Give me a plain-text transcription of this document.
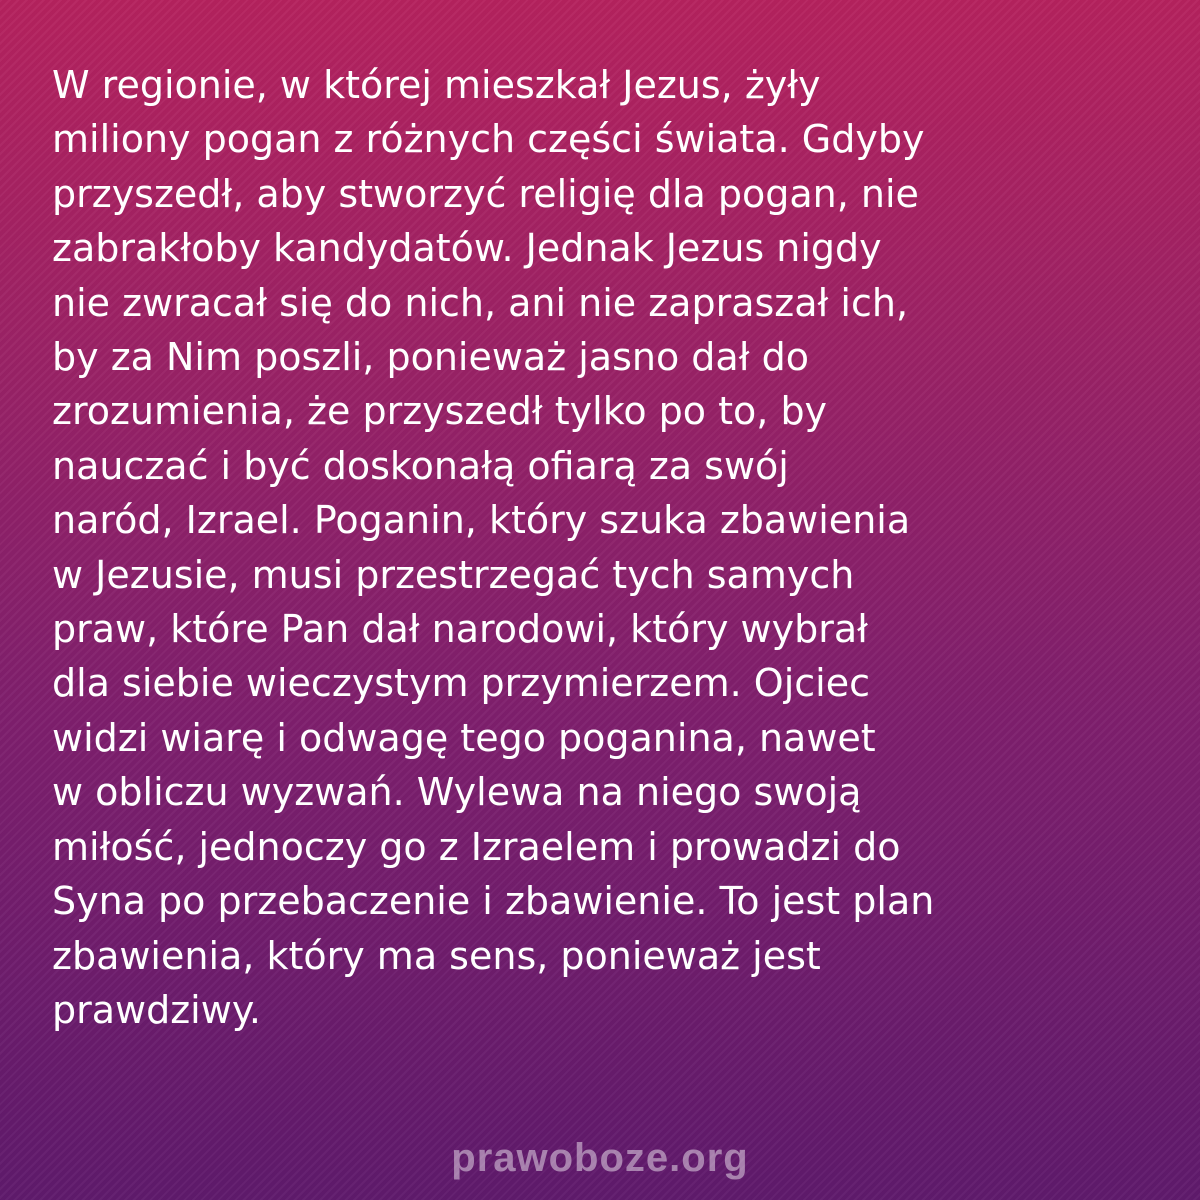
W regionie, w której mieszkał Jezus, żyły
miliony pogan z różnych części świata. Gdyby
przyszedł, aby stworzyć religię dla pogan, nie
zabrakłoby kandydatów. Jednak Jezus nigdy
nie zwracał się do nich, ani nie zapraszał ich,
by za Nim poszli, ponieważ jasno dał do
zrozumienia, że przyszedł tylko po to, by
nauczać i być doskonałą ofiarą za swój
naród, Izrael. Poganin, który szuka zbawienia
w Jezusie, musi przestrzegać tych samych
praw, które Pan dał narodowi, który wybrał
dla siebie wieczystym przymierzem. Ojciec
widzi wiarę i odwagę tego poganina, nawet
w obliczu wyzwań. Wylewa na niego swoją
miłość, jednoczy go z Izraelem i prowadzi do
Syna po przebaczenie i zbawienie. To jest plan
zbawienia, który ma sens, ponieważ jest
prawdziwy.

prawoboze.org
